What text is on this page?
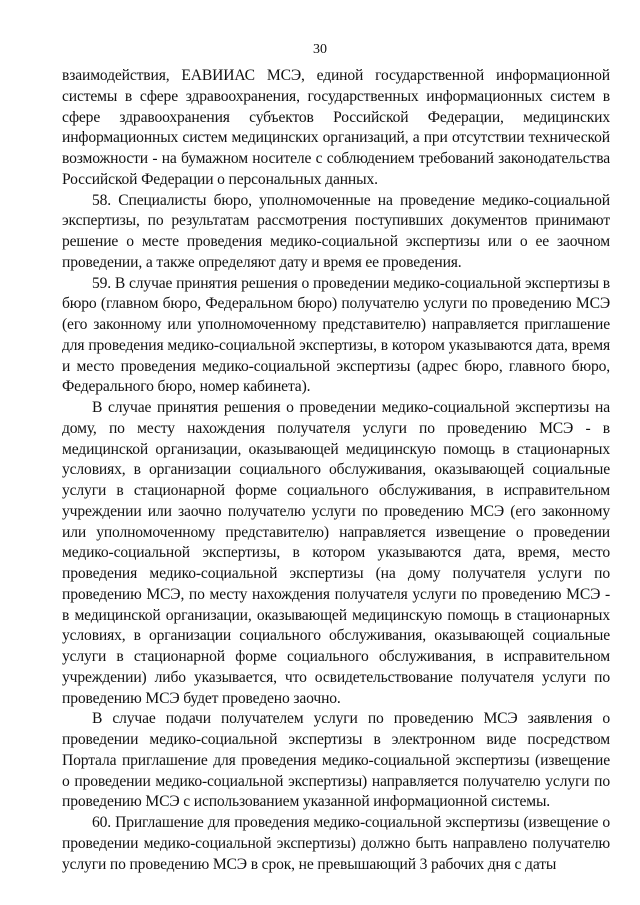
30

взаимодействия, ЕАВИИАС МСЭ, единой государственной информационной системы в сфере здравоохранения, государственных информационных систем в сфере здравоохранения субъектов Российской Федерации, медицинских информационных систем медицинских организаций, а при отсутствии технической возможности - на бумажном носителе с соблюдением требований законодательства Российской Федерации о персональных данных.

58. Специалисты бюро, уполномоченные на проведение медико-социальной экспертизы, по результатам рассмотрения поступивших документов принимают решение о месте проведения медико-социальной экспертизы или о ее заочном проведении, а также определяют дату и время ее проведения.

59. В случае принятия решения о проведении медико-социальной экспертизы в бюро (главном бюро, Федеральном бюро) получателю услуги по проведению МСЭ (его законному или уполномоченному представителю) направляется приглашение для проведения медико-социальной экспертизы, в котором указываются дата, время и место проведения медико-социальной экспертизы (адрес бюро, главного бюро, Федерального бюро, номер кабинета).

В случае принятия решения о проведении медико-социальной экспертизы на дому, по месту нахождения получателя услуги по проведению МСЭ - в медицинской организации, оказывающей медицинскую помощь в стационарных условиях, в организации социального обслуживания, оказывающей социальные услуги в стационарной форме социального обслуживания, в исправительном учреждении или заочно получателю услуги по проведению МСЭ (его законному или уполномоченному представителю) направляется извещение о проведении медико-социальной экспертизы, в котором указываются дата, время, место проведения медико-социальной экспертизы (на дому получателя услуги по проведению МСЭ, по месту нахождения получателя услуги по проведению МСЭ - в медицинской организации, оказывающей медицинскую помощь в стационарных условиях, в организации социального обслуживания, оказывающей социальные услуги в стационарной форме социального обслуживания, в исправительном учреждении) либо указывается, что освидетельствование получателя услуги по проведению МСЭ будет проведено заочно.

В случае подачи получателем услуги по проведению МСЭ заявления о проведении медико-социальной экспертизы в электронном виде посредством Портала приглашение для проведения медико-социальной экспертизы (извещение о проведении медико-социальной экспертизы) направляется получателю услуги по проведению МСЭ с использованием указанной информационной системы.

60. Приглашение для проведения медико-социальной экспертизы (извещение о проведении медико-социальной экспертизы) должно быть направлено получателю услуги по проведению МСЭ в срок, не превышающий 3 рабочих дня с даты
